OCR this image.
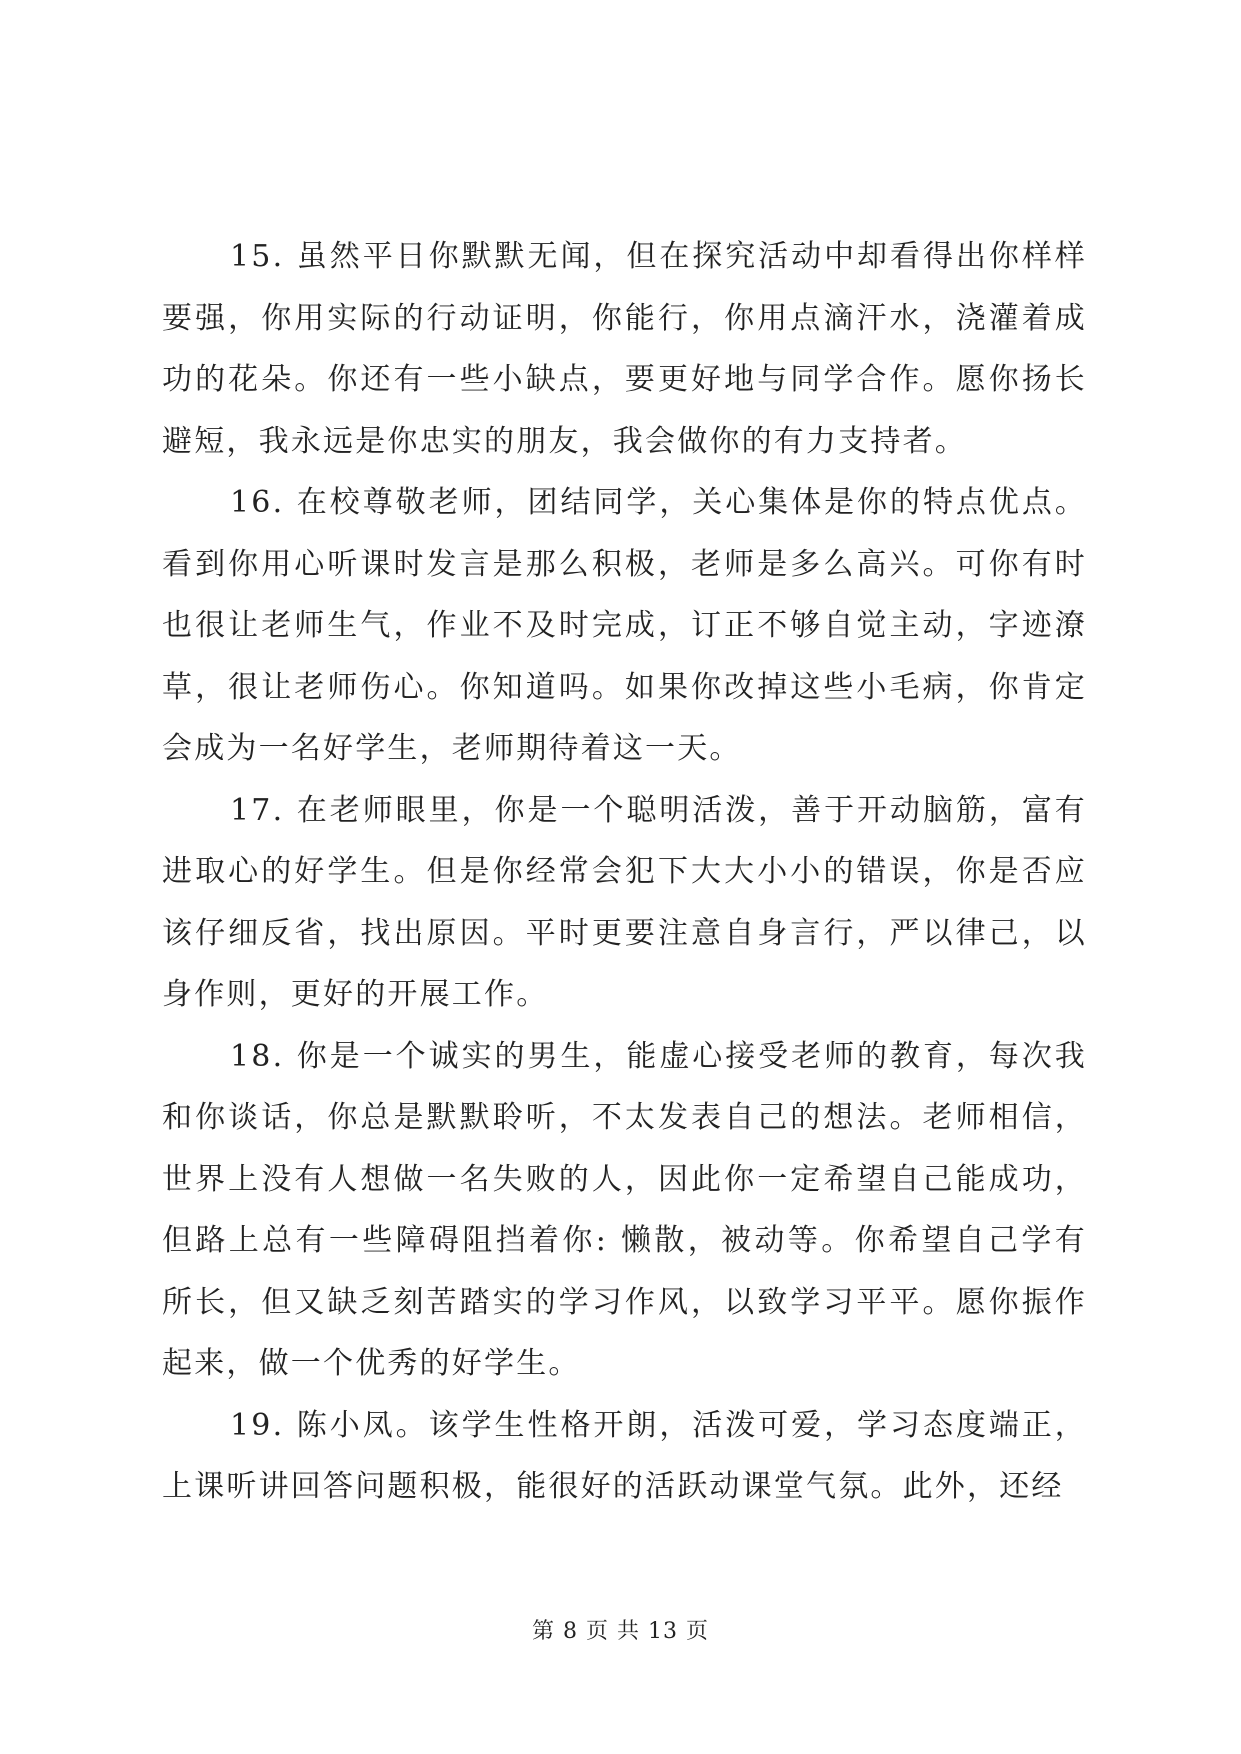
15. 虽然平日你默默无闻，但在探究活动中却看得出你样样要强，你用实际的行动证明，你能行，你用点滴汗水，浇灌着成功的花朵。你还有一些小缺点，要更好地与同学合作。愿你扬长避短，我永远是你忠实的朋友，我会做你的有力支持者。

16. 在校尊敬老师，团结同学，关心集体是你的特点优点。看到你用心听课时发言是那么积极，老师是多么高兴。可你有时也很让老师生气，作业不及时完成，订正不够自觉主动，字迹潦草，很让老师伤心。你知道吗。如果你改掉这些小毛病，你肯定会成为一名好学生，老师期待着这一天。

17. 在老师眼里，你是一个聪明活泼，善于开动脑筋，富有进取心的好学生。但是你经常会犯下大大小小的错误，你是否应该仔细反省，找出原因。平时更要注意自身言行，严以律己，以身作则，更好的开展工作。

18. 你是一个诚实的男生，能虚心接受老师的教育，每次我和你谈话，你总是默默聆听，不太发表自己的想法。老师相信，世界上没有人想做一名失败的人，因此你一定希望自己能成功，但路上总有一些障碍阻挡着你: 懒散，被动等。你希望自己学有所长，但又缺乏刻苦踏实的学习作风，以致学习平平。愿你振作起来，做一个优秀的好学生。

19. 陈小凤。该学生性格开朗，活泼可爱，学习态度端正，上课听讲回答问题积极，能很好的活跃动课堂气氛。此外，还经

第 8 页 共 13 页
